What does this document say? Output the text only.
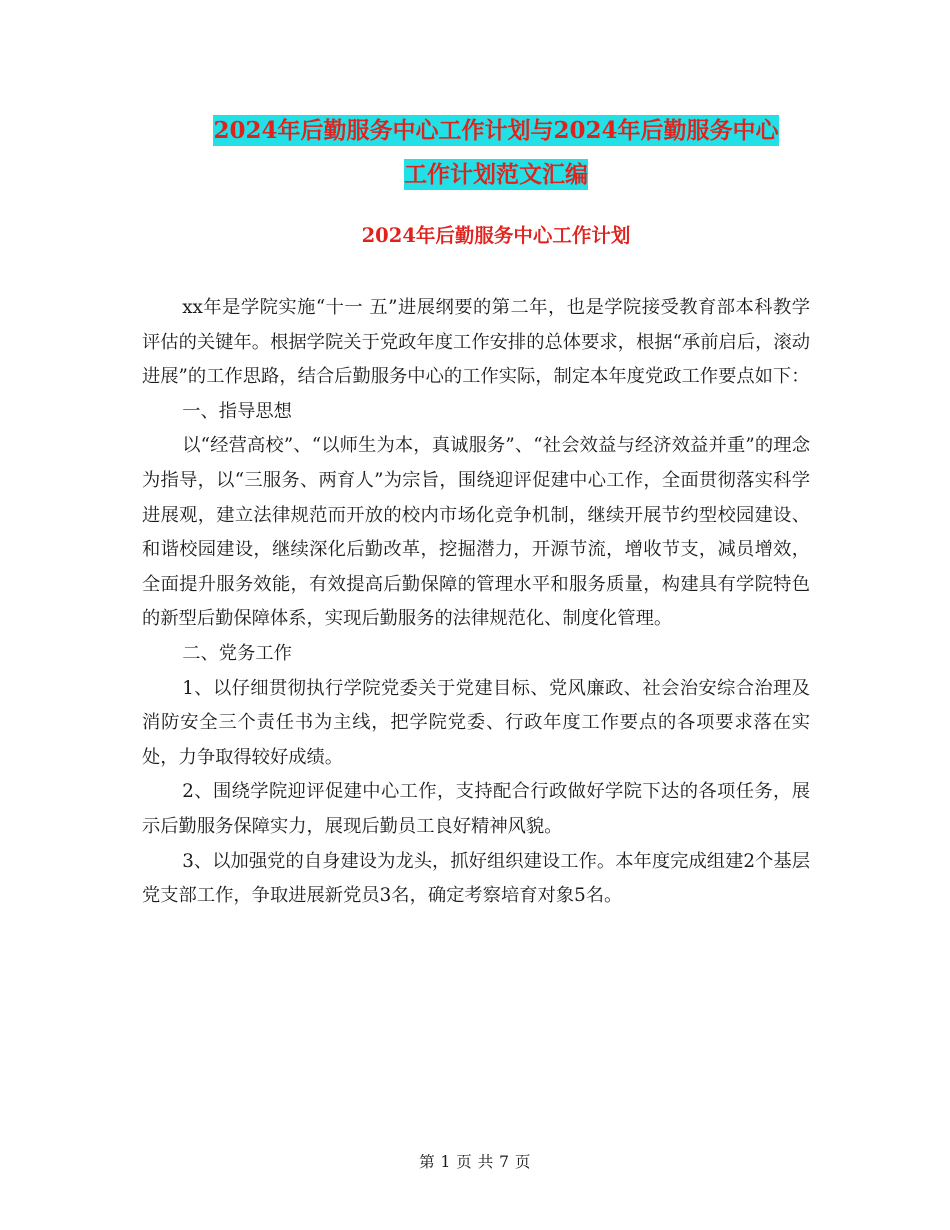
2024年后勤服务中心工作计划与2024年后勤服务中心
工作计划范文汇编
2024年后勤服务中心工作计划

xx年是学院实施“十一 五”进展纲要的第二年，也是学院接受教育部本科教学评估的关键年。根据学院关于党政年度工作安排的总体要求，根据“承前启后，滚动进展”的工作思路，结合后勤服务中心的工作实际，制定本年度党政工作要点如下：

一、指导思想

以“经营高校”、“以师生为本，真诚服务”、“社会效益与经济效益并重”的理念为指导，以“三服务、两育人”为宗旨，围绕迎评促建中心工作，全面贯彻落实科学进展观，建立法律规范而开放的校内市场化竞争机制，继续开展节约型校园建设、和谐校园建设，继续深化后勤改革，挖掘潜力，开源节流，增收节支，减员增效，全面提升服务效能，有效提高后勤保障的管理水平和服务质量，构建具有学院特色的新型后勤保障体系，实现后勤服务的法律规范化、制度化管理。

二、党务工作

1、以仔细贯彻执行学院党委关于党建目标、党风廉政、社会治安综合治理及消防安全三个责任书为主线，把学院党委、行政年度工作要点的各项要求落在实处，力争取得较好成绩。

2、围绕学院迎评促建中心工作，支持配合行政做好学院下达的各项任务，展示后勤服务保障实力，展现后勤员工良好精神风貌。

3、以加强党的自身建设为龙头，抓好组织建设工作。本年度完成组建2个基层党支部工作，争取进展新党员3名，确定考察培育对象5名。

第 1 页 共 7 页
